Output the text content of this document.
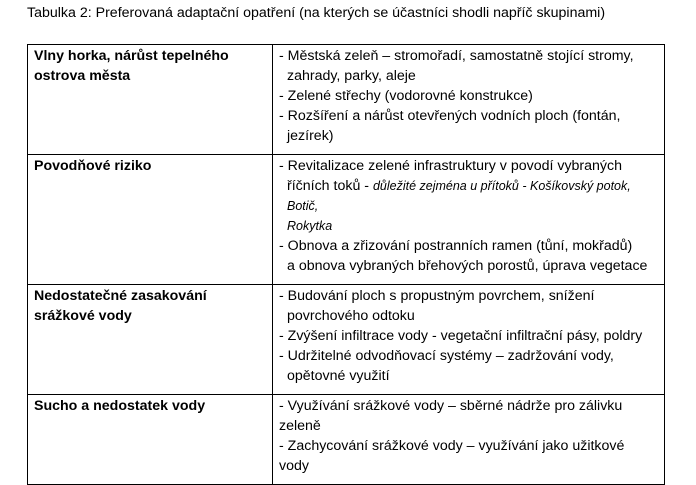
Tabulka 2: Preferovaná adaptační opatření (na kterých se účastníci shodli napříč skupinami)
Vlny horka, nárůst tepelného ostrova města	- Městská zeleň – stromořadí, samostatně stojící stromy,
zahrady, parky, aleje
- Zelené střechy (vodorovné konstrukce)
- Rozšíření a nárůst otevřených vodních ploch (fontán,
jezírek)

Povodňové riziko	- Revitalizace zelené infrastruktury v povodí vybraných
říčních toků - důležité zejména u přítoků - Košíkovský potok, Botič,
Rokytka
- Obnova a zřizování postranních ramen (tůní, mokřadů)
a obnova vybraných břehových porostů, úprava vegetace

Nedostatečné zasakování srážkové vody	- Budování ploch s propustným povrchem, snížení
povrchového odtoku
- Zvýšení infiltrace vody - vegetační infiltrační pásy, poldry
- Udržitelné odvodňovací systémy – zadržování vody,
opětovné využití

Sucho a nedostatek vody	- Využívání srážkové vody – sběrné nádrže pro zálivku zeleně
- Zachycování srážkové vody – využívání jako užitkové vody
